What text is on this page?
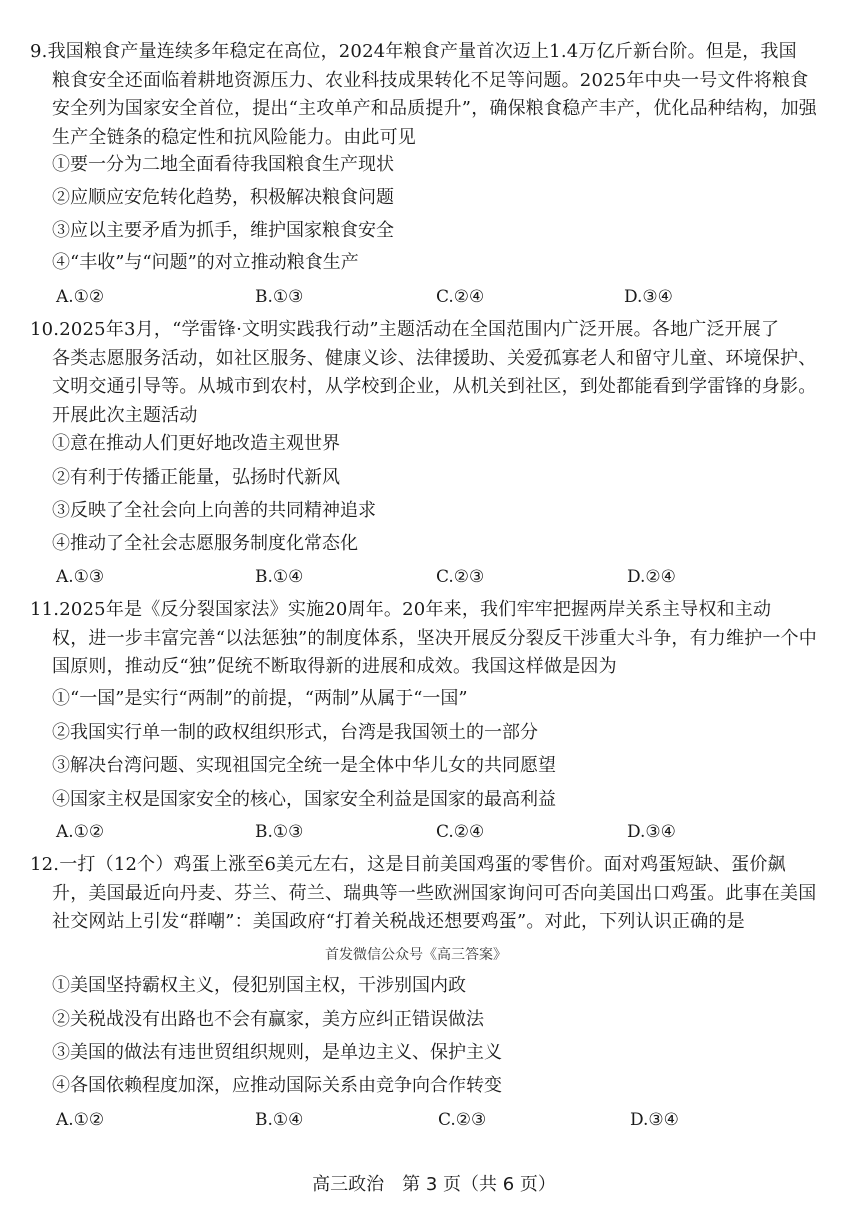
9.我国粮食产量连续多年稳定在高位，2024年粮食产量首次迈上1.4万亿斤新台阶。但是，我国
粮食安全还面临着耕地资源压力、农业科技成果转化不足等问题。2025年中央一号文件将粮食安全列为国家安全首位，提出“主攻单产和品质提升”，确保粮食稳产丰产，优化品种结构，加强生产全链条的稳定性和抗风险能力。由此可见
①要一分为二地全面看待我国粮食生产现状
②应顺应安危转化趋势，积极解决粮食问题
③应以主要矛盾为抓手，维护国家粮食安全
④“丰收”与“问题”的对立推动粮食生产
A.①②	B.①③	C.②④	D.③④
10.2025年3月，“学雷锋·文明实践我行动”主题活动在全国范围内广泛开展。各地广泛开展了
各类志愿服务活动，如社区服务、健康义诊、法律援助、关爱孤寡老人和留守儿童、环境保护、文明交通引导等。从城市到农村，从学校到企业，从机关到社区，到处都能看到学雷锋的身影。开展此次主题活动
①意在推动人们更好地改造主观世界
②有利于传播正能量，弘扬时代新风
③反映了全社会向上向善的共同精神追求
④推动了全社会志愿服务制度化常态化
A.①③	B.①④	C.②③	D.②④
11.2025年是《反分裂国家法》实施20周年。20年来，我们牢牢把握两岸关系主导权和主动
权，进一步丰富完善“以法惩独”的制度体系，坚决开展反分裂反干涉重大斗争，有力维护一个中国原则，推动反“独”促统不断取得新的进展和成效。我国这样做是因为
①“一国”是实行“两制”的前提，“两制”从属于“一国”
②我国实行单一制的政权组织形式，台湾是我国领土的一部分
③解决台湾问题、实现祖国完全统一是全体中华儿女的共同愿望
④国家主权是国家安全的核心，国家安全利益是国家的最高利益
A.①②	B.①③	C.②④	D.③④
12.一打（12个）鸡蛋上涨至6美元左右，这是目前美国鸡蛋的零售价。面对鸡蛋短缺、蛋价飙
升，美国最近向丹麦、芬兰、荷兰、瑞典等一些欧洲国家询问可否向美国出口鸡蛋。此事在美国社交网站上引发“群嘲”：美国政府“打着关税战还想要鸡蛋”。对此，下列认识正确的是
首发微信公众号《高三答案》
①美国坚持霸权主义，侵犯别国主权，干涉别国内政
②关税战没有出路也不会有赢家，美方应纠正错误做法
③美国的做法有违世贸组织规则，是单边主义、保护主义
④各国依赖程度加深，应推动国际关系由竞争向合作转变
A.①②	B.①④	C.②③	D.③④
高三政治　第 3 页（共 6 页）
